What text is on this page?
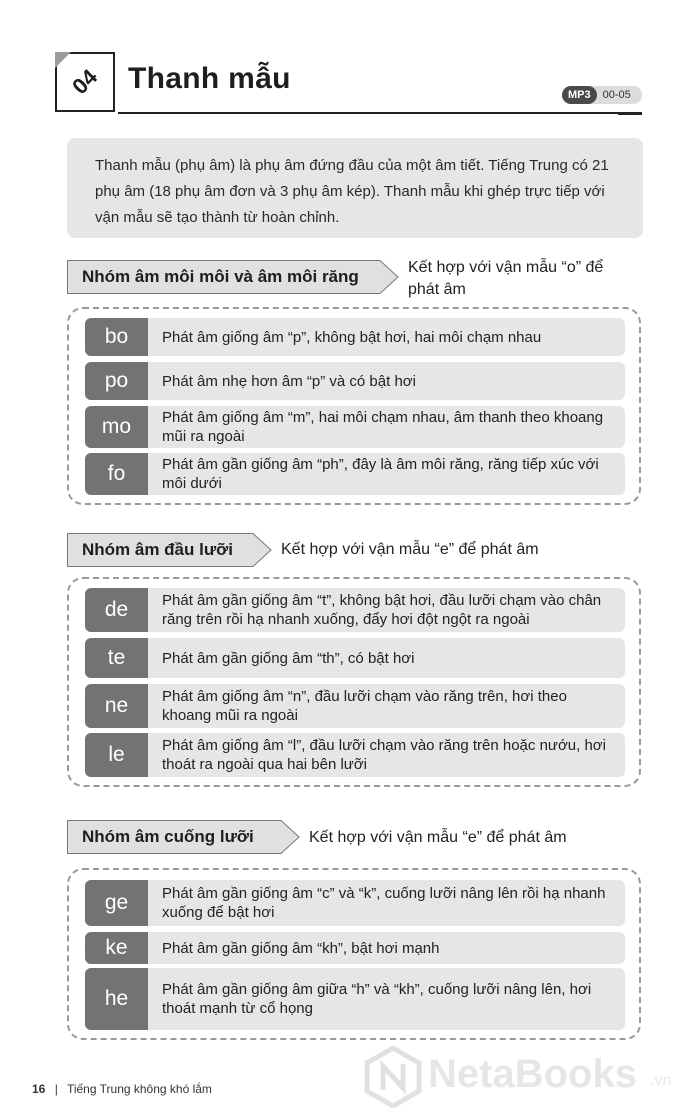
04 Thanh mẫu	MP3	00-05
Thanh mẫu (phụ âm) là phụ âm đứng đầu của một âm tiết. Tiếng Trung có 21 phụ âm (18 phụ âm đơn và 3 phụ âm kép). Thanh mẫu khi ghép trực tiếp với vận mẫu sẽ tạo thành từ hoàn chỉnh.
Nhóm âm môi môi và âm môi răng	Kết hợp với vận mẫu “o” để
phát âm
bo	Phát âm giống âm “p”, không bật hơi, hai môi chạm nhau
po	Phát âm nhẹ hơn âm “p” và có bật hơi
mo	Phát âm giống âm “m”, hai môi chạm nhau, âm thanh theo khoang mũi ra ngoài
fo	Phát âm gần giống âm “ph”, đây là âm môi răng, răng tiếp xúc với môi dưới
Nhóm âm đầu lưỡi	Kết hợp với vận mẫu “e” để phát âm
de	Phát âm gần giống âm “t”, không bật hơi, đầu lưỡi chạm vào chân răng trên rồi hạ nhanh xuống, đẩy hơi đột ngột ra ngoài
te	Phát âm gần giống âm “th”, có bật hơi
ne	Phát âm giống âm “n”, đầu lưỡi chạm vào răng trên, hơi theo khoang mũi ra ngoài
le	Phát âm giống âm “l”, đầu lưỡi chạm vào răng trên hoặc nướu, hơi thoát ra ngoài qua hai bên lưỡi
Nhóm âm cuống lưỡi	Kết hợp với vận mẫu “e” để phát âm
ge	Phát âm gần giống âm “c” và “k”, cuống lưỡi nâng lên rồi hạ nhanh xuống để bật hơi
ke	Phát âm gần giống âm “kh”, bật hơi mạnh
he	Phát âm gần giống âm giữa “h” và “kh”, cuống lưỡi nâng lên, hơi thoát mạnh từ cổ họng
16 | Tiếng Trung không khó lắm	NetaBooks .vn
